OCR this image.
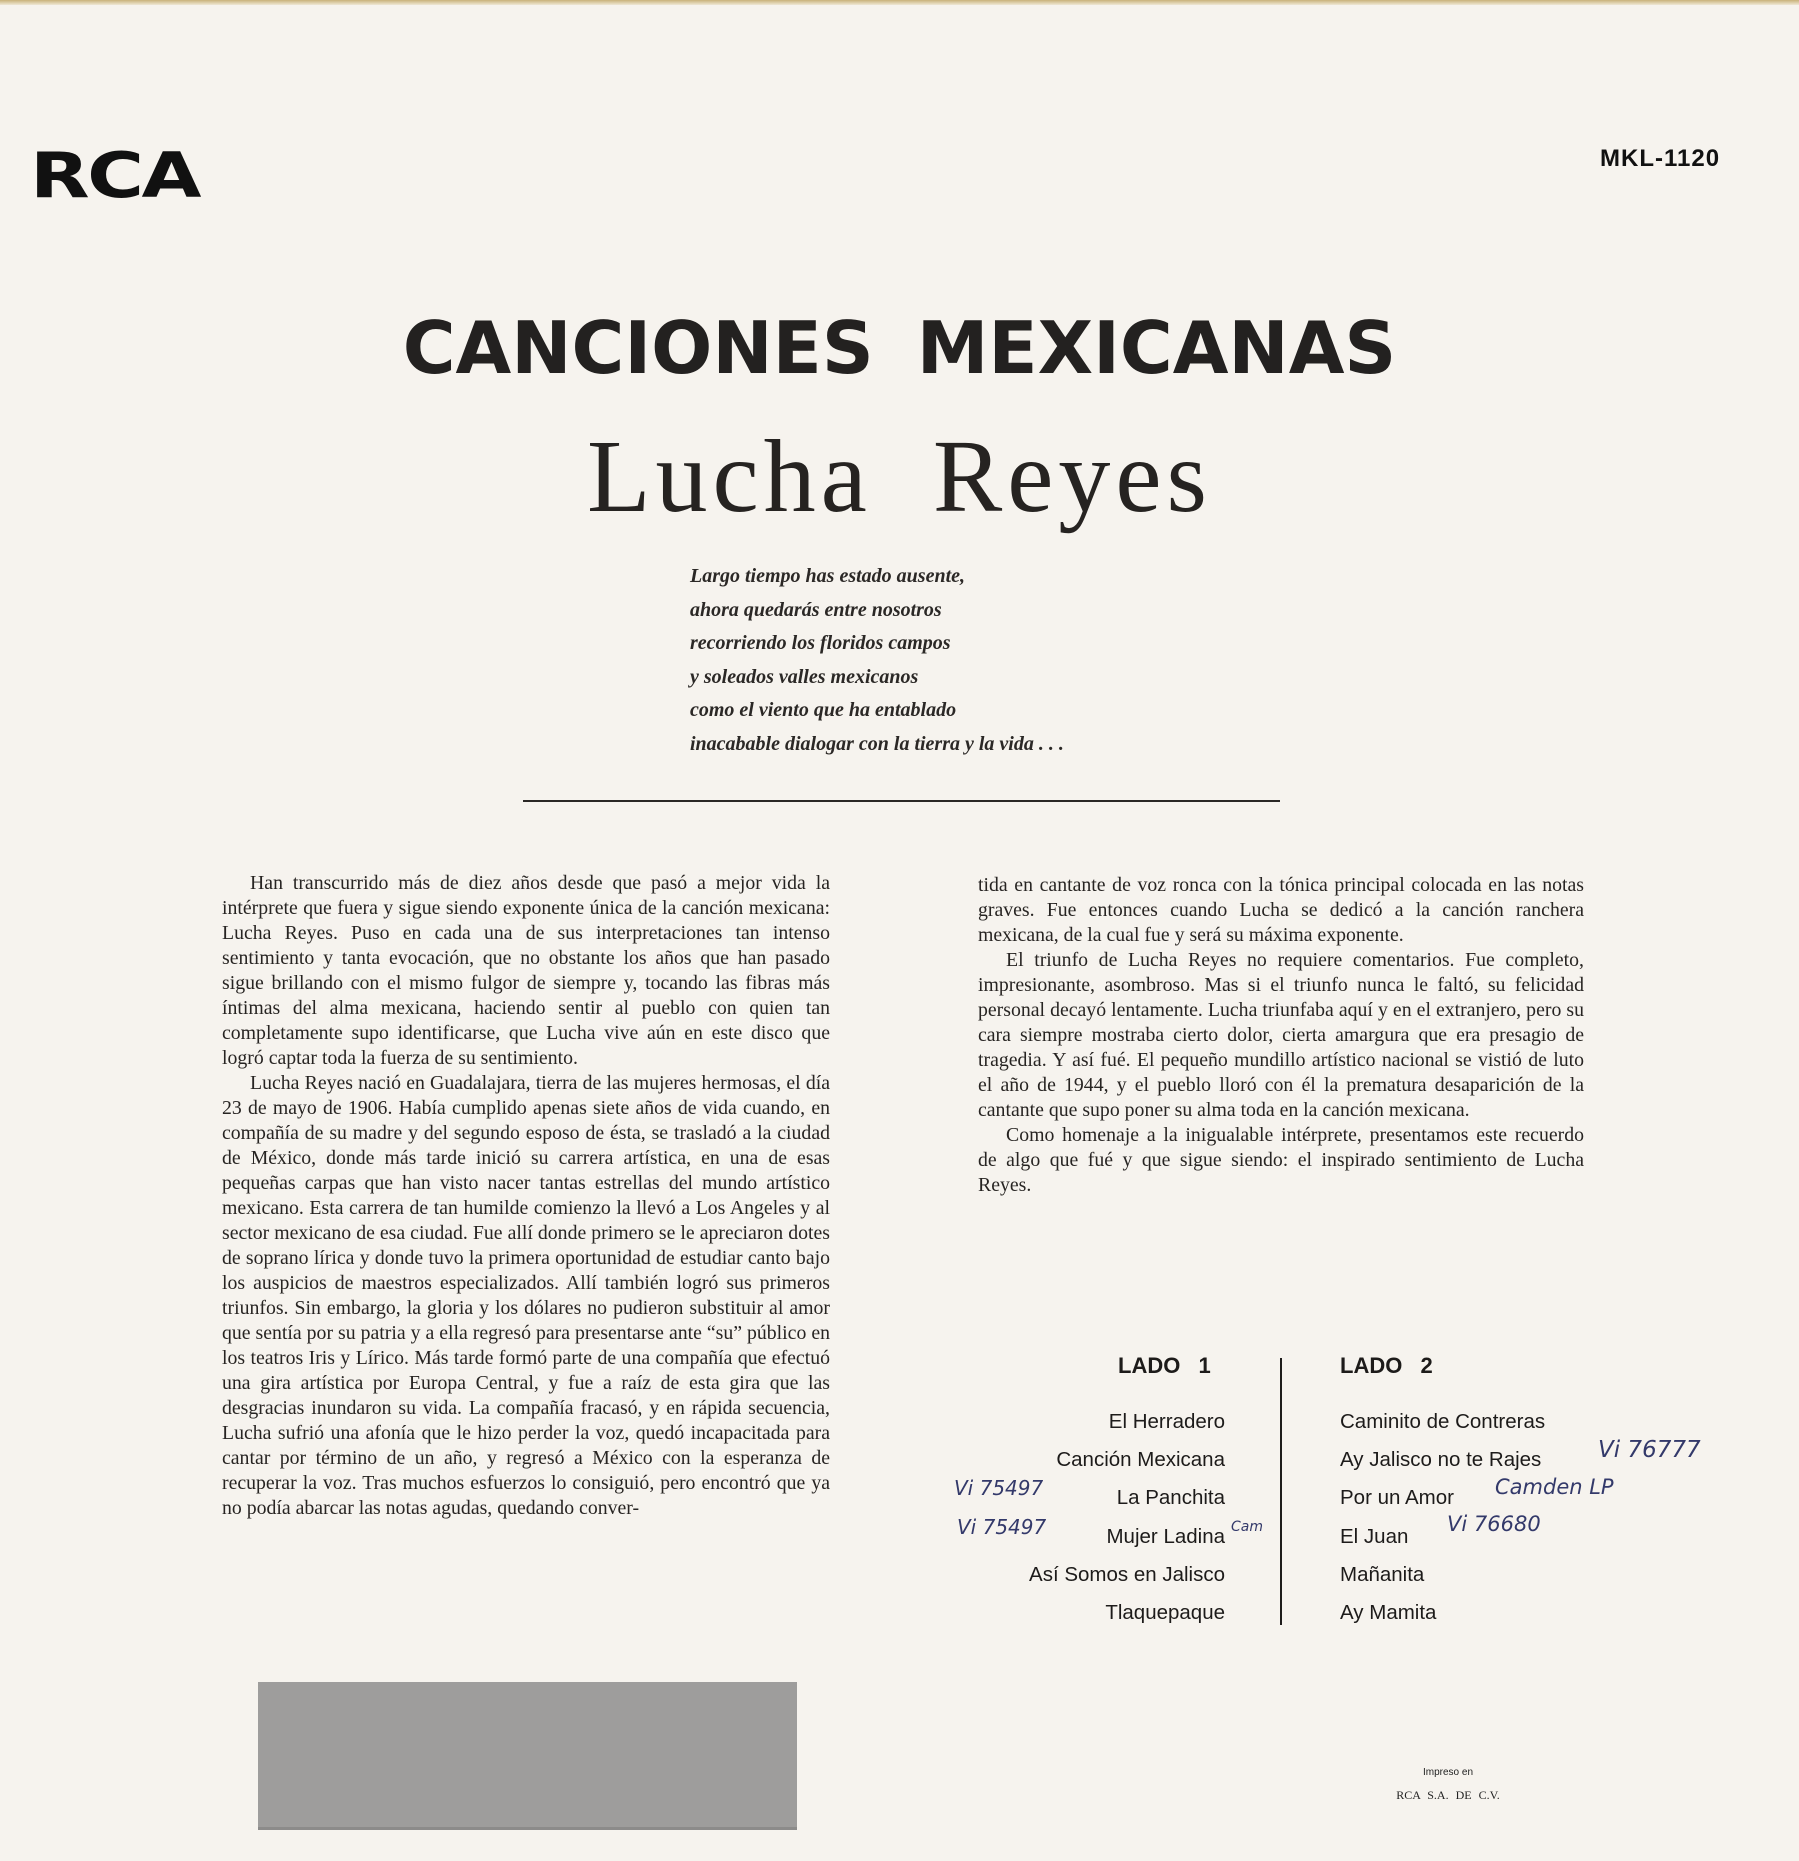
RCA	MKL-1120
CANCIONES MEXICANAS
Lucha Reyes
Largo tiempo has estado ausente,
ahora quedarás entre nosotros
recorriendo los floridos campos
y soleados valles mexicanos
como el viento que ha entablado
inacabable dialogar con la tierra y la vida . . .

Han transcurrido más de diez años desde que pasó a mejor vida la intérprete que fuera y sigue siendo exponente única de la canción mexicana: Lucha Reyes. Puso en cada una de sus interpretaciones tan intenso sentimiento y tanta evocación, que no obstante los años que han pasado sigue brillando con el mismo fulgor de siempre y, tocando las fibras más íntimas del alma mexicana, haciendo sentir al pueblo con quien tan completamente supo identificarse, que Lucha vive aún en este disco que logró captar toda la fuerza de su sentimiento.

Lucha Reyes nació en Guadalajara, tierra de las mujeres hermosas, el día 23 de mayo de 1906. Había cumplido apenas siete años de vida cuando, en compañía de su madre y del segundo esposo de ésta, se trasladó a la ciudad de México, donde más tarde inició su carrera artística, en una de esas pequeñas carpas que han visto nacer tantas estrellas del mundo artístico mexicano. Esta carrera de tan humilde comienzo la llevó a Los Angeles y al sector mexicano de esa ciudad. Fue allí donde primero se le apreciaron dotes de soprano lírica y donde tuvo la primera oportunidad de estudiar canto bajo los auspicios de maestros especializados. Allí también logró sus primeros triunfos. Sin embargo, la gloria y los dólares no pudieron substituir al amor que sentía por su patria y a ella regresó para presentarse ante “su” público en los teatros Iris y Lírico. Más tarde formó parte de una compañía que efectuó una gira artística por Europa Central, y fue a raíz de esta gira que las desgracias inundaron su vida. La compañía fracasó, y en rápida secuencia, Lucha sufrió una afonía que le hizo perder la voz, quedó incapacitada para cantar por término de un año, y regresó a México con la esperanza de recuperar la voz. Tras muchos esfuerzos lo consiguió, pero encontró que ya no podía abarcar las notas agudas, quedando conver-

tida en cantante de voz ronca con la tónica principal colocada en las notas graves. Fue entonces cuando Lucha se dedicó a la canción ranchera mexicana, de la cual fue y será su máxima exponente.

El triunfo de Lucha Reyes no requiere comentarios. Fue completo, impresionante, asombroso. Mas si el triunfo nunca le faltó, su felicidad personal decayó lentamente. Lucha triunfaba aquí y en el extranjero, pero su cara siempre mostraba cierto dolor, cierta amargura que era presagio de tragedia. Y así fué. El pequeño mundillo artístico nacional se vistió de luto el año de 1944, y el pueblo lloró con él la prematura desaparición de la cantante que supo poner su alma toda en la canción mexicana.

Como homenaje a la inigualable intérprete, presentamos este recuerdo de algo que fué y que sigue siendo: el inspirado sentimiento de Lucha Reyes.

LADO 1	LADO 2
El Herradero
Canción Mexicana
La Panchita
Mujer Ladina
Así Somos en Jalisco
Tlaquepaque
Caminito de Contreras
Ay Jalisco no te Rajes
Por un Amor
El Juan
Mañanita
Ay Mamita
Vi 75497
Vi 75497	Cam
Vi 76777
Camden LP
Vi 76680
Impreso en
RCA S.A. DE C.V.
